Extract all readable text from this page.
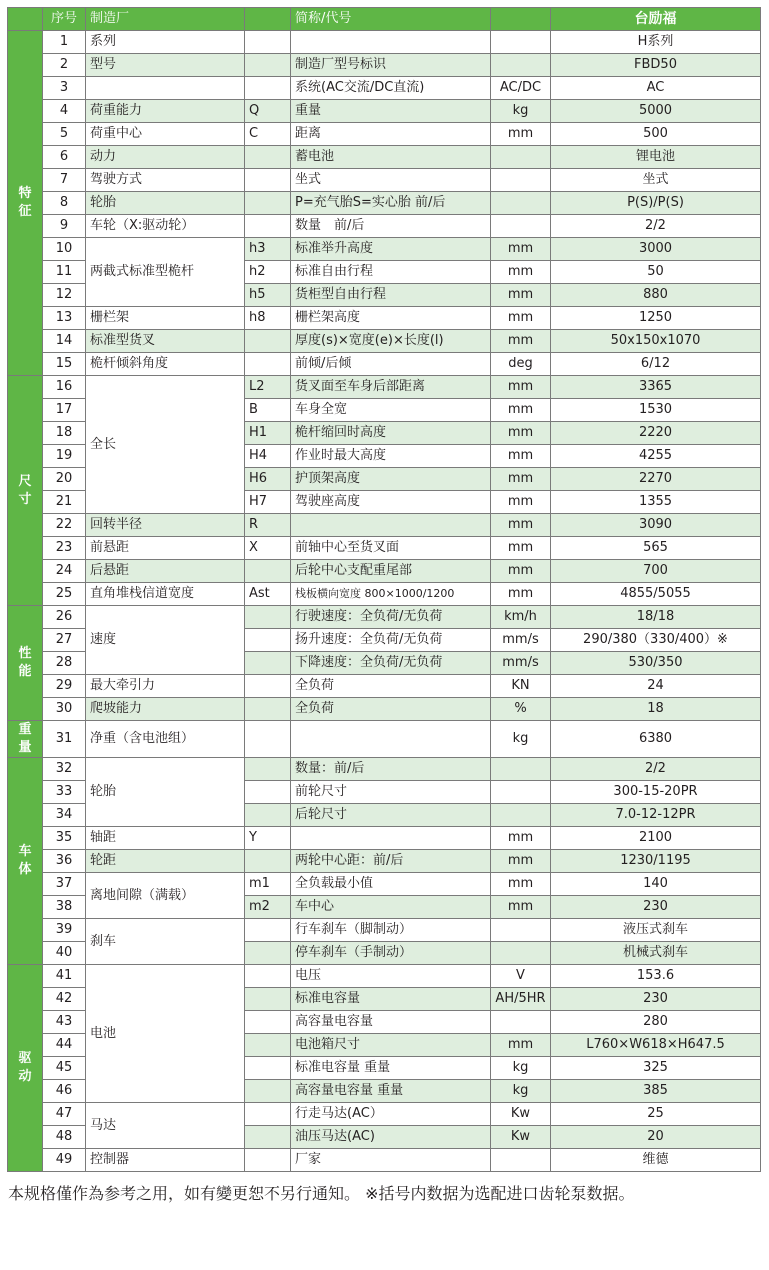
	序号	制造厂		简称/代号		台励福
特征	1	系列				H系列
	2	型号		制造厂型号标识		FBD50
	3			系统(AC交流/DC直流)	AC/DC	AC
	4	荷重能力	Q	重量	kg	5000
	5	荷重中心	C	距离	mm	500
	6	动力		蓄电池		锂电池
	7	驾驶方式		坐式		坐式
	8	轮胎		P=充气胎S=实心胎 前/后		P(S)/P(S)
	9	车轮（X:驱动轮）		数量　前/后		2/2
	10	两截式标准型桅杆	h3	标准举升高度	mm	3000
	11		h2	标准自由行程	mm	50
	12		h5	货柜型自由行程	mm	880
	13	栅栏架	h8	栅栏架高度	mm	1250
	14	标准型货叉		厚度(s)×宽度(e)×长度(l)	mm	50x150x1070
	15	桅杆倾斜角度		前倾/后倾	deg	6/12
尺寸	16	全长	L2	货叉面至车身后部距离	mm	3365
	17		B	车身全宽	mm	1530
	18		H1	桅杆缩回时高度	mm	2220
	19		H4	作业时最大高度	mm	4255
	20		H6	护顶架高度	mm	2270
	21		H7	驾驶座高度	mm	1355
	22	回转半径	R		mm	3090
	23	前悬距	X	前轴中心至货叉面	mm	565
	24	后悬距		后轮中心支配重尾部	mm	700
	25	直角堆栈信道宽度	Ast	栈板横向宽度 800×1000/1200	mm	4855/5055
性能	26	速度		行驶速度：全负荷/无负荷	km/h	18/18
	27			扬升速度：全负荷/无负荷	mm/s	290/380（330/400）※
	28			下降速度：全负荷/无负荷	mm/s	530/350
	29	最大牵引力		全负荷	KN	24
	30	爬坡能力		全负荷	%	18
重量	31	净重（含电池组）			kg	6380
车体	32	轮胎		数量：前/后		2/2
	33			前轮尺寸		300-15-20PR
	34			后轮尺寸		7.0-12-12PR
	35	轴距	Y		mm	2100
	36	轮距		两轮中心距：前/后	mm	1230/1195
	37	离地间隙（满载）	m1	全负载最小值	mm	140
	38		m2	车中心	mm	230
	39	刹车		行车刹车（脚制动）		液压式刹车
	40			停车刹车（手制动）		机械式刹车
驱动	41	电池		电压	V	153.6
	42			标准电容量	AH/5HR	230
	43			高容量电容量		280
	44			电池箱尺寸	mm	L760×W618×H647.5
	45			标准电容量 重量	kg	325
	46			高容量电容量 重量	kg	385
	47	马达		行走马达(AC）	Kw	25
	48			油压马达(AC)	Kw	20
	49	控制器		厂家		维德
本规格僅作為参考之用，如有變更恕不另行通知。 ※括号内数据为选配进口齿轮泵数据。
